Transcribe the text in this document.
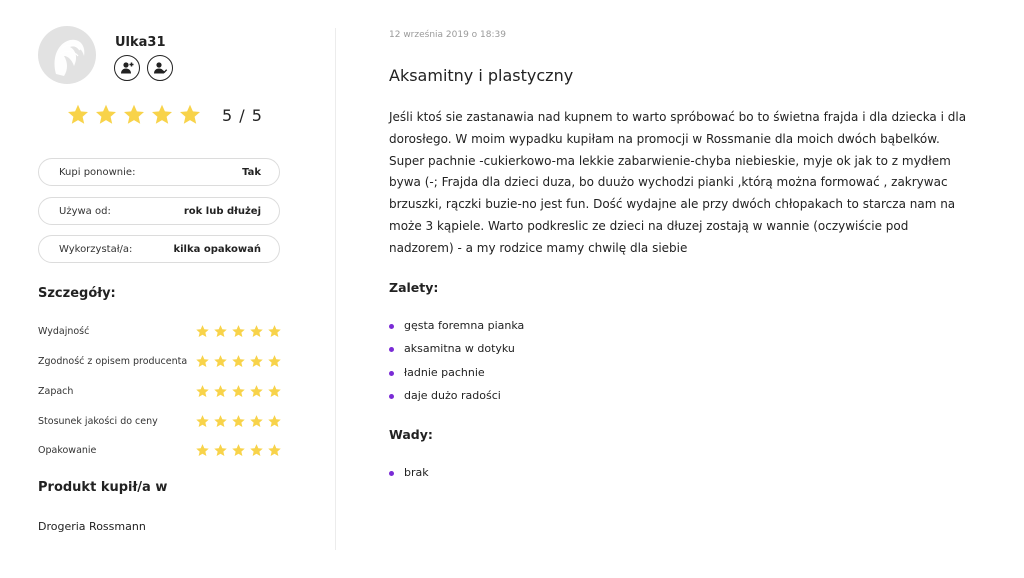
Ulka31
5 / 5
Kupi ponownie:	Tak
Używa od:	rok lub dłużej
Wykorzystał/a:	kilka opakowań
Szczegóły:
Wydajność
Zgodność z opisem producenta
Zapach
Stosunek jakości do ceny
Opakowanie
Produkt kupił/a w
Drogeria Rossmann
12 września 2019 o 18:39
Aksamitny i plastyczny

Jeśli ktoś sie zastanawia nad kupnem to warto spróbować bo to świetna frajda i dla dziecka i dla dorosłego. W moim wypadku kupiłam na promocji w Rossmanie dla moich dwóch bąbelków. Super pachnie -cukierkowo-ma lekkie zabarwienie-chyba niebieskie, myje ok jak to z mydłem bywa (-; Frajda dla dzieci duza, bo duużo wychodzi pianki ,którą można formować , zakrywac brzuszki, rączki buzie-no jest fun. Dość wydajne ale przy dwóch chłopakach to starcza nam na może 3 kąpiele. Warto podkreslic ze dzieci na dłuzej zostają w wannie (oczywiście pod nadzorem) - a my rodzice mamy chwilę dla siebie

Zalety:
gęsta foremna pianka
aksamitna w dotyku
ładnie pachnie
daje dużo radości
Wady:
brak
